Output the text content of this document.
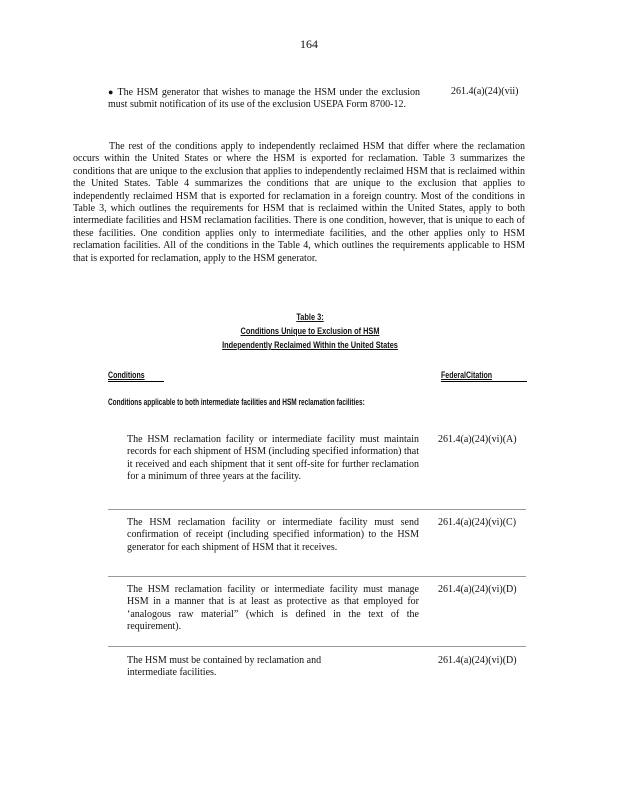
164
● The HSM generator that wishes to manage the HSM under the exclusion must submit notification of its use of the exclusion USEPA Form 8700-12.
261.4(a)(24)(vii)
The rest of the conditions apply to independently reclaimed HSM that differ where the reclamation occurs within the United States or where the HSM is exported for reclamation. Table 3 summarizes the conditions that are unique to the exclusion that applies to independently reclaimed HSM that is reclaimed within the United States. Table 4 summarizes the conditions that are unique to the exclusion that applies to independently reclaimed HSM that is exported for reclamation in a foreign country. Most of the conditions in Table 3, which outlines the requirements for HSM that is reclaimed within the United States, apply to both intermediate facilities and HSM reclamation facilities. There is one condition, however, that is unique to each of these facilities. One condition applies only to intermediate facilities, and the other applies only to HSM reclamation facilities. All of the conditions in the Table 4, which outlines the requirements applicable to HSM that is exported for reclamation, apply to the HSM generator.
Table 3:
Conditions Unique to Exclusion of HSM
Independently Reclaimed Within the United States
Conditions	FederalCitation
Conditions applicable to both intermediate facilities and HSM reclamation facilities:
The HSM reclamation facility or intermediate facility must maintain records for each shipment of HSM (including specified information) that it received and each shipment that it sent off-site for further reclamation for a minimum of three years at the facility.
261.4(a)(24)(vi)(A)
The HSM reclamation facility or intermediate facility must send confirmation of receipt (including specified information) to the HSM generator for each shipment of HSM that it receives.
261.4(a)(24)(vi)(C)
The HSM reclamation facility or intermediate facility must manage HSM in a manner that is at least as protective as that employed for ‘analogous raw material” (which is defined in the text of the requirement).
261.4(a)(24)(vi)(D)
The HSM must be contained by reclamation and intermediate facilities.
261.4(a)(24)(vi)(D)
